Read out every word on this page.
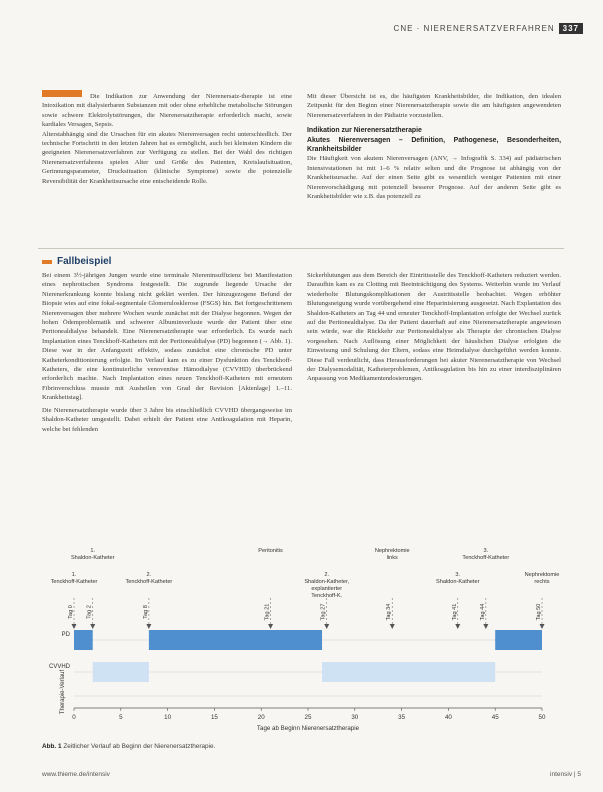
CNE · NIERENERSATZVERFAHREN	337

Die Indikation zur Anwendung der Nierenersatz-therapie ist eine Intoxikation mit dialysierbaren Substanzen mit oder ohne erhebliche metabolische Störungen sowie schwere Elektrolytstörungen, die Nierenersatztherapie erforderlich macht, sowie kardiales Versagen, Sepsis.

Alterstabhängig sind die Ursachen für ein akutes Nierenversagen recht unterschiedlich. Der technische Fortschritt in den letzten Jahren hat es ermöglicht, auch bei kleinsten Kindern die geeigneten Nierenersatzverfahren zur Verfügung zu stellen. Bei der Wahl des richtigen Nierenersatzverfahrens spielen Alter und Größe des Patienten, Kreislaufsituation, Gerinnungsparameter, Drucksituation (klinische Symptome) sowie die potenzielle Reversibilität der Krankheitsursache eine entscheidende Rolle.

Mit dieser Übersicht ist es, die häufigsten Krankheitsbilder, die Indikation, den idealen Zeitpunkt für den Beginn einer Nierenersatztherapie sowie die am häufigsten angewendeten Nierenersatzverfahren in der Pädiatrie vorzustellen.

Indikation zur Nierenersatztherapie

Akutes Nierenversagen – Definition, Pathogenese, Besonderheiten, Krankheitsbilder

Die Häufigkeit von akutem Nierenversagen (ANV, → Infografik S. 334) auf pädiatrischen Intensivstationen ist mit 1–6 % relativ selten und die Prognose ist abhängig von der Krankheitsursache. Auf der einen Seite gibt es wesentlich weniger Patienten mit einer Nierenvorschädigung mit potenziell besserer Prognose. Auf der anderen Seite gibt es Krankheitsbilder wie z.B. das potenziell zu

Fallbeispiel

Bei einem 3½-jährigen Jungen wurde eine terminale Niereninsuffizienz bei Manifestation eines nephrotischen Syndroms festgestellt. Die zugrunde liegende Ursache der Nierenerkrankung konnte bislang nicht geklärt werden. Der hinzugezogene Befund der Biopsie wies auf eine fokal-segmentale Glomerulosklerose (FSGS) hin. Bei fortgeschrittenem Nierenversagen über mehrere Wochen wurde zunächst mit der Dialyse begonnen. Wegen der hohen Ödemproblematik und schwerer Albuminverluste wurde der Patient über eine Peritonealdialyse behandelt. Eine Nierenersatztherapie war erforderlich. Es wurde nach Implantation eines Tenckhoff-Katheters mit der Peritonealdialyse (PD) begonnen (→ Abb. 1). Diese war in der Anfangszeit effektiv, sodass zunächst eine chronische PD unter Katheterkonditionierung erfolgte. Im Verlauf kam es zu einer Dysfunktion des Tenckhoff-Katheters, die eine kontinuierliche venovenöse Hämodialyse (CVVHD) überbrückend erforderlich machte. Nach Implantation eines neuen Tenckhoff-Katheters mit erneutem Fibrinverschluss musste mit Ausheilen von Grad der Revision [Aktenlage] 1.–11. Krankheitstag].

Die Nierenersatztherapie wurde über 3 Jahre bis einschließlich CVVHD übergangsweise im Shaldon-Katheter umgestellt. Dabei erhielt der Patient eine Antikoagulation mit Heparin, welche bei fehlenden

Sickerblutungen aus dem Bereich der Eintrittsstelle des Tenckhoff-Katheters reduziert werden. Daraufhin kam es zu Clotting mit Beeinträchtigung des Systems. Weiterhin wurde im Verlauf wiederholte Blutungskomplikationen der Austrittsstelle beobachtet. Wegen erhöhter Blutungsneigung wurde vorübergehend eine Heparinisierung ausgesetzt. Nach Explantation des Shaldon-Katheters an Tag 44 und erneuter Tenckhoff-Implantation erfolgte der Wechsel zurück auf die Peritonealdialyse. Da der Patient dauerhaft auf eine Nierenersatztherapie angewiesen sein würde, war die Rückkehr zur Peritonealdialyse als Therapie der chronischen Dialyse vorgesehen. Nach Auflösung einer Möglichkeit der häuslichen Dialyse erfolgten die Einweisung und Schulung der Eltern, sodass eine Heimdialyse durchgeführt werden konnte. Diese Fall verdeutlicht, dass Herausforderungen bei akuter Nierenersatztherapie von Wechsel der Dialysemodalität, Katheterproblemen, Antikoagulation bis hin zu einer interdisziplinären Anpassung von Medikamentendosierungen.

PD
CVVHD
Therapie-Verlauf
0	5	10	15	20	25	30	35	40	45	50
Tage ab Beginn Nierenersatztherapie
Tag 0
1.
Tenckhoff-Katheter
Tag 2
1.
Shaldon-Katheter
Tag 8
2.
Tenckhoff-Katheter
Tag 21
Peritonitis
Tag 27
2.
Shaldon-Katheter,
explantierter
Tenckhoff-K.
Tag 34
Nephrektomie
links
Tag 41
3.
Shaldon-Katheter
Tag 44
3.
Tenckhoff-Katheter
Tag 50
Nephrektomie
rechts
Abb. 1 Zeitlicher Verlauf ab Beginn der Nierenersatztherapie.
www.thieme.de/intensiv	intensiv | 5
